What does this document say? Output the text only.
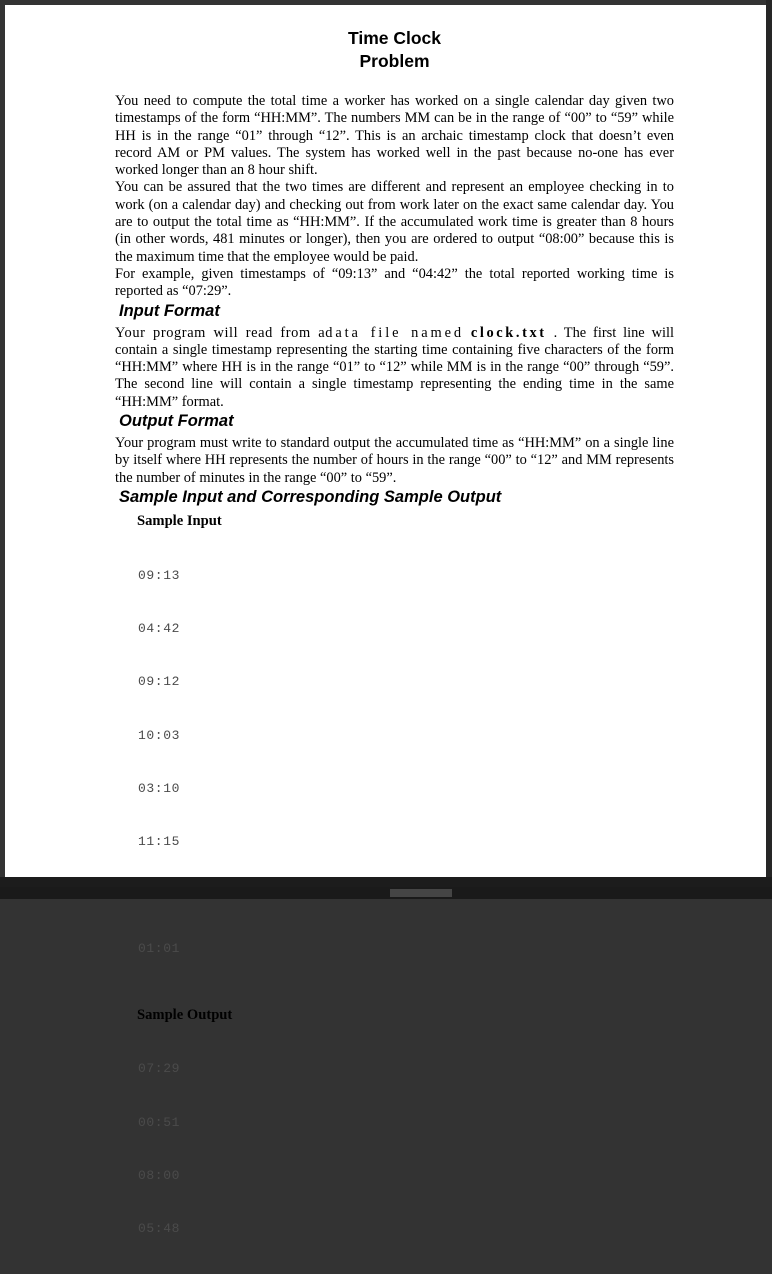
Time Clock
Problem

You need to compute the total time a worker has worked on a single calendar day given two timestamps of the form “HH:MM”. The numbers MM can be in the range of “00” to “59” while HH is in the range “01” through “12”. This is an archaic timestamp clock that doesn’t even record AM or PM values. The system has worked well in the past because no-one has ever worked longer than an 8 hour shift.

You can be assured that the two times are different and represent an employee checking in to work (on a calendar day) and checking out from work later on the exact same calendar day. You are to output the total time as “HH:MM”. If the accumulated work time is greater than 8 hours (in other words, 481 minutes or longer), then you are ordered to output “08:00” because this is the maximum time that the employee would be paid.

For example, given timestamps of “09:13” and “04:42” the total reported working time is reported as “07:29”.

Input Format

Your program will read from adata file named clock.txt . The first line will contain a single timestamp representing the starting time containing five characters of the form “HH:MM” where HH is in the range “01” to “12” while MM is in the range “00” through “59”. The second line will contain a single timestamp representing the ending time in the same “HH:MM” format.

Output Format

Your program must write to standard output the accumulated time as “HH:MM” on a single line by itself where HH represents the number of hours in the range “00” to “12” and MM represents the number of minutes in the range “00” to “59”.

Sample Input and Corresponding Sample Output

Sample Input

09:13

04:42

09:12

10:03

03:10

11:15

01:01

Sample Output

07:29

00:51

08:00

05:48
